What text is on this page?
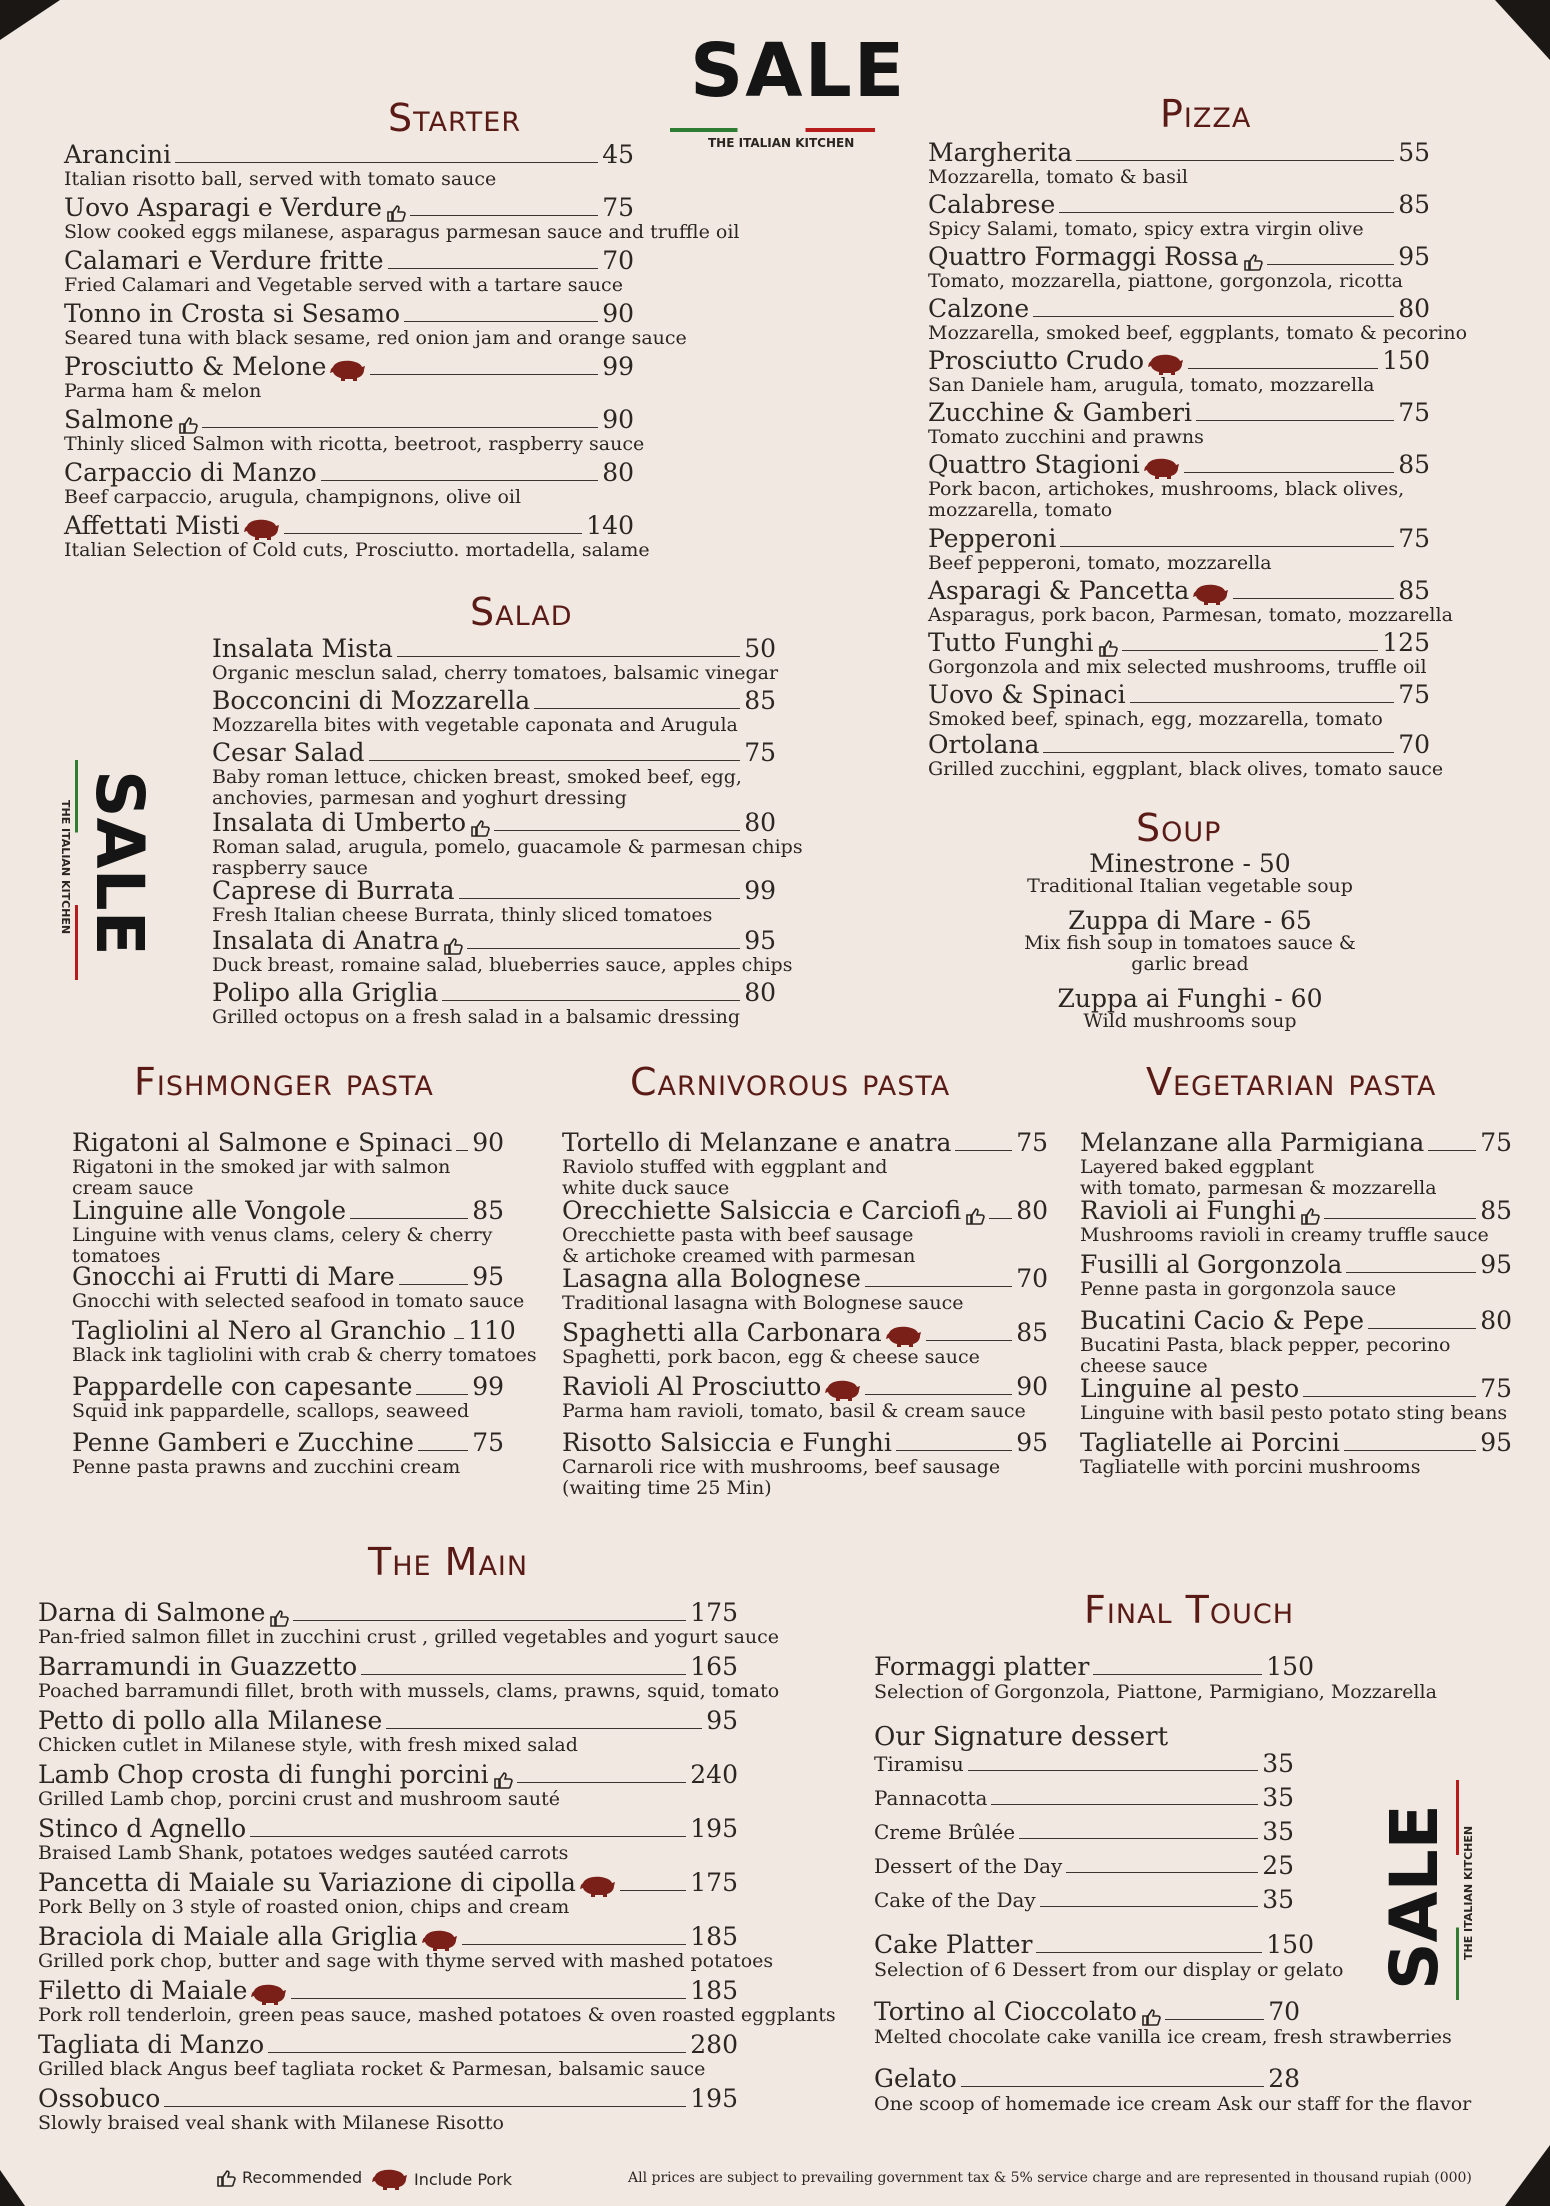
SALE
THE ITALIAN KITCHEN
SALE
THE ITALIAN KITCHEN
SALE THE ITALIAN KITCHEN
Starter	Pizza
Salad
Soup
Fishmonger pasta	Carnivorous pasta	Vegetarian pasta
The Main
Final Touch
Arancini	45
Italian risotto ball, served with tomato sauce
Uovo Asparagi e Verdure	75
Slow cooked eggs milanese, asparagus parmesan sauce and truffle oil
Calamari e Verdure fritte	70
Fried Calamari and Vegetable served with a tartare sauce
Tonno in Crosta si Sesamo	90
Seared tuna with black sesame, red onion jam and orange sauce
Prosciutto & Melone	99
Parma ham & melon
Salmone	90
Thinly sliced Salmon with ricotta, beetroot, raspberry sauce
Carpaccio di Manzo	80
Beef carpaccio, arugula, champignons, olive oil
Affettati Misti	140
Italian Selection of Cold cuts, Prosciutto. mortadella, salame
Insalata Mista	50
Organic mesclun salad, cherry tomatoes, balsamic vinegar
Bocconcini di Mozzarella	85
Mozzarella bites with vegetable caponata and Arugula
Cesar Salad	75
Baby roman lettuce, chicken breast, smoked beef, egg,
anchovies, parmesan and yoghurt dressing
Insalata di Umberto	80
Roman salad, arugula, pomelo, guacamole & parmesan chips
raspberry sauce
Caprese di Burrata	99
Fresh Italian cheese Burrata, thinly sliced tomatoes
Insalata di Anatra	95
Duck breast, romaine salad, blueberries sauce, apples chips
Polipo alla Griglia	80
Grilled octopus on a fresh salad in a balsamic dressing
Margherita	55
Mozzarella, tomato & basil
Calabrese	85
Spicy Salami, tomato, spicy extra virgin olive
Quattro Formaggi Rossa	95
Tomato, mozzarella, piattone, gorgonzola, ricotta
Calzone	80
Mozzarella, smoked beef, eggplants, tomato & pecorino
Prosciutto Crudo	150
San Daniele ham, arugula, tomato, mozzarella
Zucchine & Gamberi	75
Tomato zucchini and prawns
Quattro Stagioni	85
Pork bacon, artichokes, mushrooms, black olives,
mozzarella, tomato
Pepperoni	75
Beef pepperoni, tomato, mozzarella
Asparagi & Pancetta	85
Asparagus, pork bacon, Parmesan, tomato, mozzarella
Tutto Funghi	125
Gorgonzola and mix selected mushrooms, truffle oil
Uovo & Spinaci	75
Smoked beef, spinach, egg, mozzarella, tomato
Ortolana	70
Grilled zucchini, eggplant, black olives, tomato sauce
Rigatoni al Salmone e Spinaci 90
Rigatoni in the smoked jar with salmon
cream sauce
Linguine alle Vongole	85
Linguine with venus clams, celery & cherry
tomatoes
Gnocchi ai Frutti di Mare	95
Gnocchi with selected seafood in tomato sauce
Tagliolini al Nero al Granchio 110
Black ink tagliolini with crab & cherry tomatoes
Pappardelle con capesante 99
Squid ink pappardelle, scallops, seaweed
Penne Gamberi e Zucchine 75
Penne pasta prawns and zucchini cream
Tortello di Melanzane e anatra	75
Raviolo stuffed with eggplant and
white duck sauce
Orecchiette Salsiccia e Carciofi 80
Orecchiette pasta with beef sausage
& artichoke creamed with parmesan
Lasagna alla Bolognese	70
Traditional lasagna with Bolognese sauce
Spaghetti alla Carbonara	85
Spaghetti, pork bacon, egg & cheese sauce
Ravioli Al Prosciutto	90
Parma ham ravioli, tomato, basil & cream sauce
Risotto Salsiccia e Funghi	95
Carnaroli rice with mushrooms, beef sausage
(waiting time 25 Min)
Melanzane alla Parmigiana 75
Layered baked eggplant
with tomato, parmesan & mozzarella
Ravioli ai Funghi	85
Mushrooms ravioli in creamy truffle sauce
Fusilli al Gorgonzola	95
Penne pasta in gorgonzola sauce
Bucatini Cacio & Pepe	80
Bucatini Pasta, black pepper, pecorino
cheese sauce
Linguine al pesto	75
Linguine with basil pesto potato sting beans
Tagliatelle ai Porcini	95
Tagliatelle with porcini mushrooms
Darna di Salmone	175
Pan-fried salmon fillet in zucchini crust , grilled vegetables and yogurt sauce
Barramundi in Guazzetto	165
Poached barramundi fillet, broth with mussels, clams, prawns, squid, tomato
Petto di pollo alla Milanese	95
Chicken cutlet in Milanese style, with fresh mixed salad
Lamb Chop crosta di funghi porcini	240
Grilled Lamb chop, porcini crust and mushroom sauté
Stinco d Agnello	195
Braised Lamb Shank, potatoes wedges sautéed carrots
Pancetta di Maiale su Variazione di cipolla	175
Pork Belly on 3 style of roasted onion, chips and cream
Braciola di Maiale alla Griglia	185
Grilled pork chop, butter and sage with thyme served with mashed potatoes
Filetto di Maiale	185
Pork roll tenderloin, green peas sauce, mashed potatoes & oven roasted eggplants
Tagliata di Manzo	280
Grilled black Angus beef tagliata rocket & Parmesan, balsamic sauce
Ossobuco	195
Slowly braised veal shank with Milanese Risotto
Minestrone - 50
Traditional Italian vegetable soup
Zuppa di Mare - 65
Mix fish soup in tomatoes sauce & garlic bread
Zuppa ai Funghi - 60
Wild mushrooms soup
Formaggi platter	150
Selection of Gorgonzola, Piattone, Parmigiano, Mozzarella
Our Signature dessert
Tiramisu	35
Pannacotta	35
Creme Brûlée	35
Dessert of the Day	25
Cake of the Day	35
Cake Platter	150
Selection of 6 Dessert from our display or gelato
Tortino al Cioccolato	70
Melted chocolate cake vanilla ice cream, fresh strawberries
Gelato	28
One scoop of homemade ice cream Ask our staff for the flavor
Recommended	Include Pork	All prices are subject to prevailing government tax & 5% service charge and are represented in thousand rupiah (000)
